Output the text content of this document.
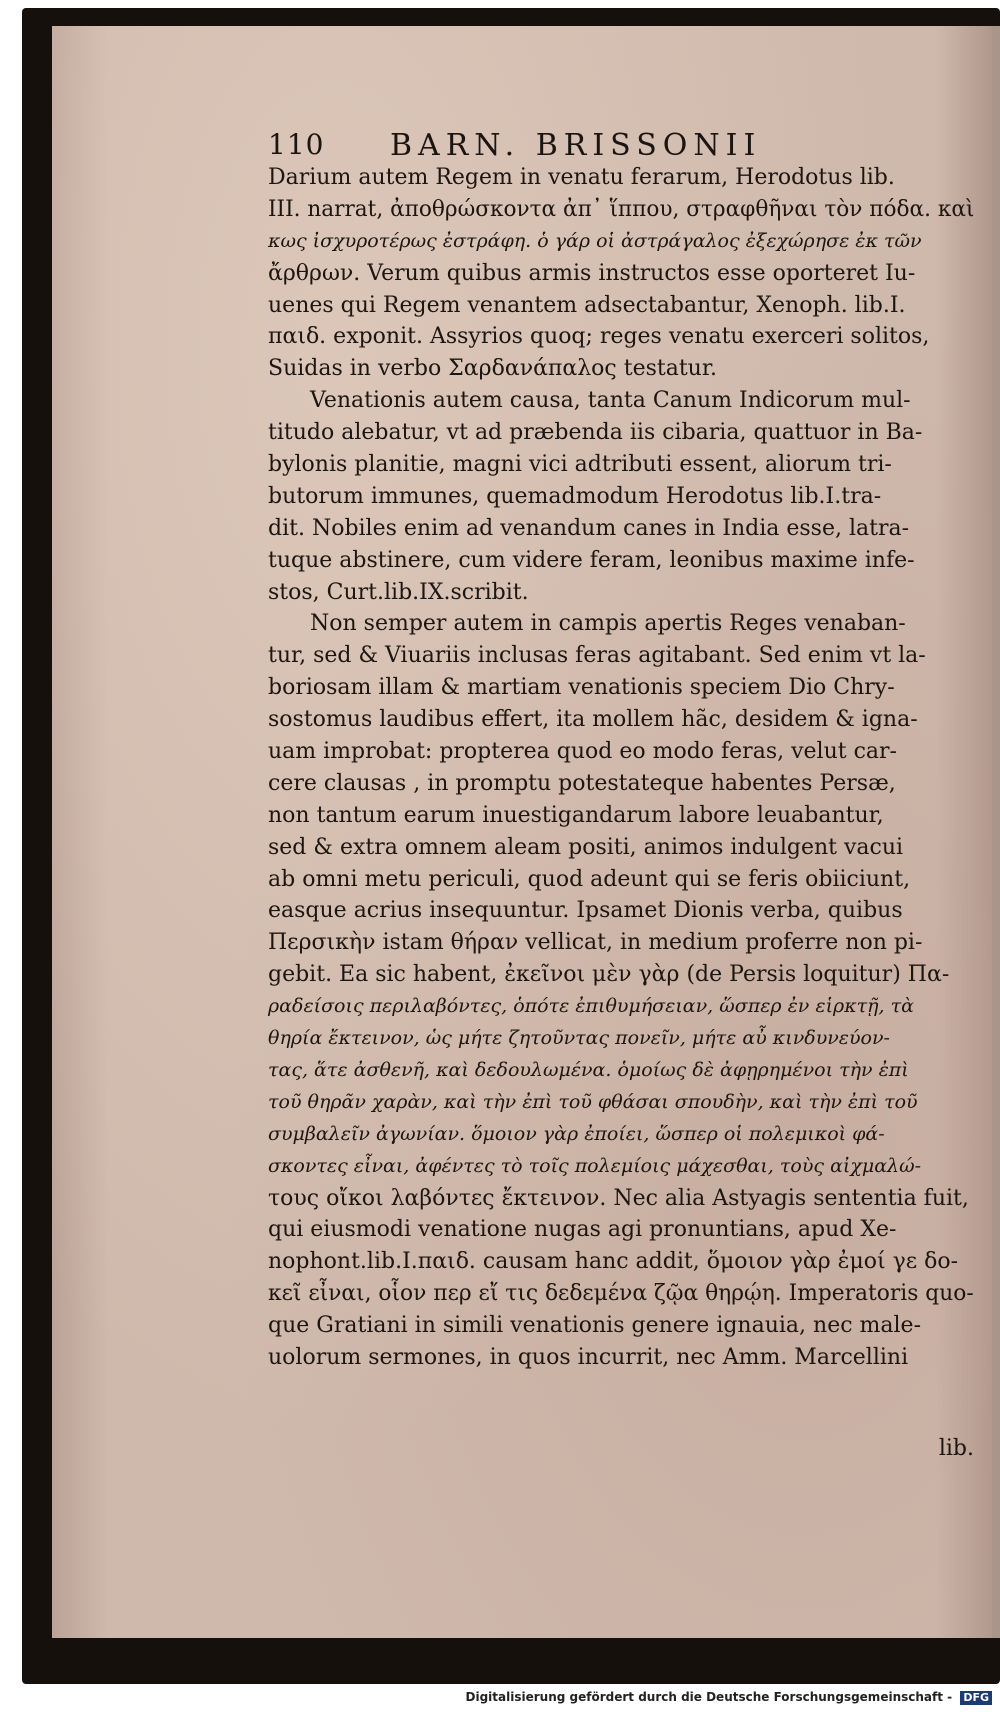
110 BARN. BRISSONII
Darium autem Regem in venatu ferarum, Herodotus lib.
III. narrat, ἀποθρώσκοντα ἀπ᾽ ἵππου, στραφθῆναι τὸν πόδα. καὶ
κως ἰσχυροτέρως ἐστράφη. ὁ γάρ οἱ ἀστράγαλος ἐξεχώρησε ἐκ τῶν
ἄρθρων. Verum quibus armis instructos esse oporteret Iu-
uenes qui Regem venantem adsectabantur, Xenoph. lib.I.
παιδ. exponit. Assyrios quoq; reges venatu exerceri solitos,
Suidas in verbo Σαρδανάπαλος testatur.
Venationis autem causa, tanta Canum Indicorum mul-
titudo alebatur, vt ad præbenda iis cibaria, quattuor in Ba-
bylonis planitie, magni vici adtributi essent, aliorum tri-
butorum immunes, quemadmodum Herodotus lib.I.tra-
dit. Nobiles enim ad venandum canes in India esse, latra-
tuque abstinere, cum videre feram, leonibus maxime infe-
stos, Curt.lib.IX.scribit.
Non semper autem in campis apertis Reges venaban-
tur, sed & Viuariis inclusas feras agitabant. Sed enim vt la-
boriosam illam & martiam venationis speciem Dio Chry-
sostomus laudibus effert, ita mollem hãc, desidem & igna-
uam improbat: propterea quod eo modo feras, velut car-
cere clausas , in promptu potestateque habentes Persæ,
non tantum earum inuestigandarum labore leuabantur,
sed & extra omnem aleam positi, animos indulgent vacui
ab omni metu periculi, quod adeunt qui se feris obiiciunt,
easque acrius insequuntur. Ipsamet Dionis verba, quibus
Περσικὴν istam θήραν vellicat, in medium proferre non pi-
gebit. Ea sic habent, ἐκεῖνοι μὲν γὰρ (de Persis loquitur) Πα-
ραδείσοις περιλαβόντες, ὁπότε ἐπιθυμήσειαν, ὥσπερ ἐν εἱρκτῇ, τὰ
θηρία ἔκτεινον, ὡς μήτε ζητοῦντας πονεῖν, μήτε αὖ κινδυνεύον-
τας, ἅτε ἀσθενῆ, καὶ δεδουλωμένα. ὁμοίως δὲ ἀφῃρημένοι τὴν ἐπὶ
τοῦ θηρᾶν χαρὰν, καὶ τὴν ἐπὶ τοῦ φθάσαι σπουδὴν, καὶ τὴν ἐπὶ τοῦ
συμβαλεῖν ἀγωνίαν. ὅμοιον γὰρ ἐποίει, ὥσπερ οἱ πολεμικοὶ φά-
σκοντες εἶναι, ἀφέντες τὸ τοῖς πολεμίοις μάχεσθαι, τοὺς αἰχμαλώ-
τους οἴκοι λαβόντες ἔκτεινον. Nec alia Astyagis sententia fuit,
qui eiusmodi venatione nugas agi pronuntians, apud Xe-
nophont.lib.I.παιδ. causam hanc addit, ὅμοιον γὰρ ἐμοί γε δο-
κεῖ εἶναι, οἷον περ εἴ τις δεδεμένα ζῷα θηρῴη. Imperatoris quo-
que Gratiani in simili venationis genere ignauia, nec male-
uolorum sermones, in quos incurrit, nec Amm. Marcellini
lib.
Digitalisierung gefördert durch die Deutsche Forschungsgemeinschaft - DFG
